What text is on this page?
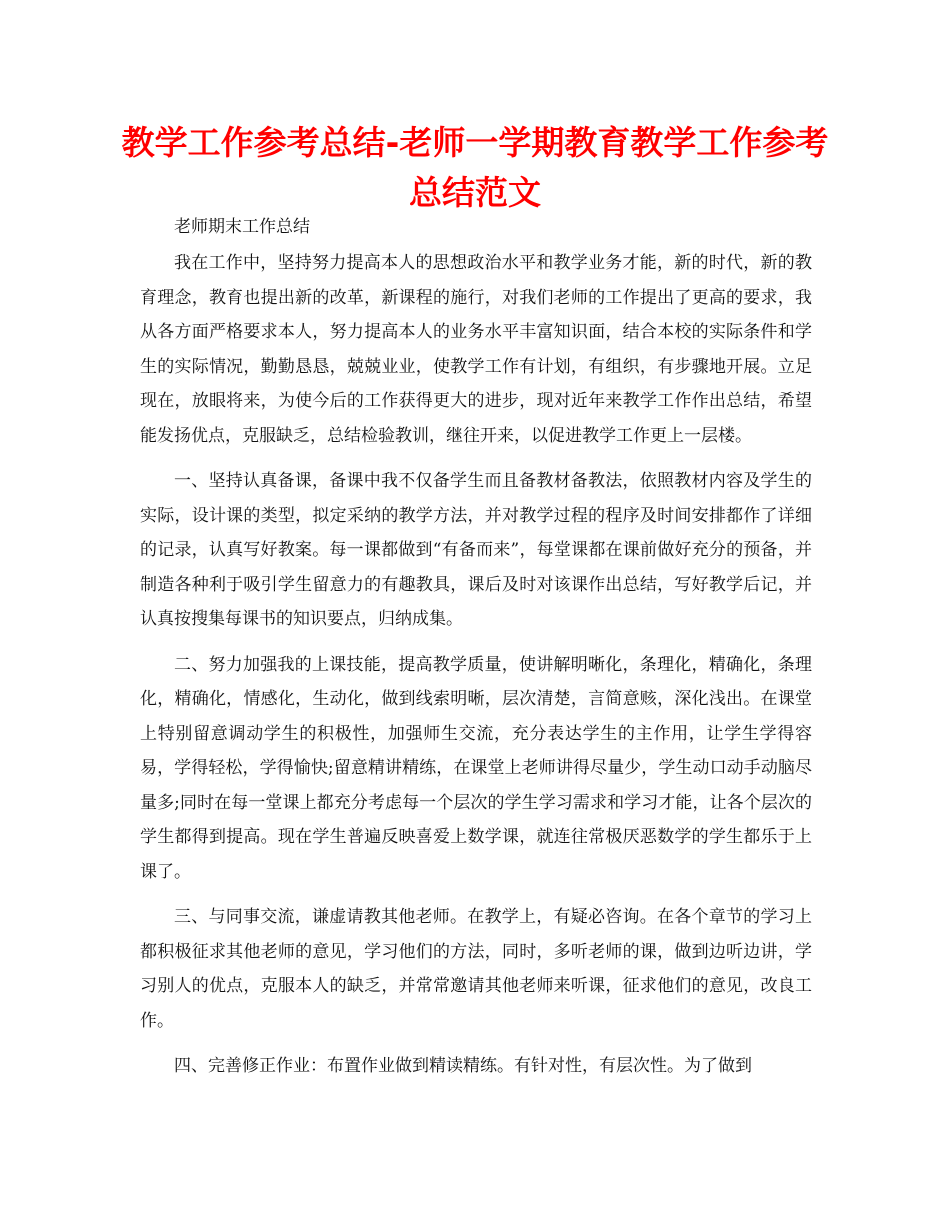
教学工作参考总结-老师一学期教育教学工作参考总结范文

老师期末工作总结

我在工作中，坚持努力提高本人的思想政治水平和教学业务才能，新的时代，新的教育理念，教育也提出新的改革，新课程的施行，对我们老师的工作提出了更高的要求，我从各方面严格要求本人，努力提高本人的业务水平丰富知识面，结合本校的实际条件和学生的实际情况，勤勤恳恳，兢兢业业，使教学工作有计划，有组织，有步骤地开展。立足现在，放眼将来，为使今后的工作获得更大的进步，现对近年来教学工作作出总结，希望能发扬优点，克服缺乏，总结检验教训，继往开来，以促进教学工作更上一层楼。

一、坚持认真备课，备课中我不仅备学生而且备教材备教法，依照教材内容及学生的实际，设计课的类型，拟定采纳的教学方法，并对教学过程的程序及时间安排都作了详细的记录，认真写好教案。每一课都做到“有备而来”，每堂课都在课前做好充分的预备，并制造各种利于吸引学生留意力的有趣教具，课后及时对该课作出总结，写好教学后记，并认真按搜集每课书的知识要点，归纳成集。

二、努力加强我的上课技能，提高教学质量，使讲解明晰化，条理化，精确化，条理化，精确化，情感化，生动化，做到线索明晰，层次清楚，言简意赅，深化浅出。在课堂上特别留意调动学生的积极性，加强师生交流，充分表达学生的主作用，让学生学得容易，学得轻松，学得愉快;留意精讲精练，在课堂上老师讲得尽量少，学生动口动手动脑尽量多;同时在每一堂课上都充分考虑每一个层次的学生学习需求和学习才能，让各个层次的学生都得到提高。现在学生普遍反映喜爱上数学课，就连往常极厌恶数学的学生都乐于上课了。

三、与同事交流，谦虚请教其他老师。在教学上，有疑必咨询。在各个章节的学习上都积极征求其他老师的意见，学习他们的方法，同时，多听老师的课，做到边听边讲，学习别人的优点，克服本人的缺乏，并常常邀请其他老师来听课，征求他们的意见，改良工作。

四、完善修正作业：布置作业做到精读精练。有针对性，有层次性。为了做到
